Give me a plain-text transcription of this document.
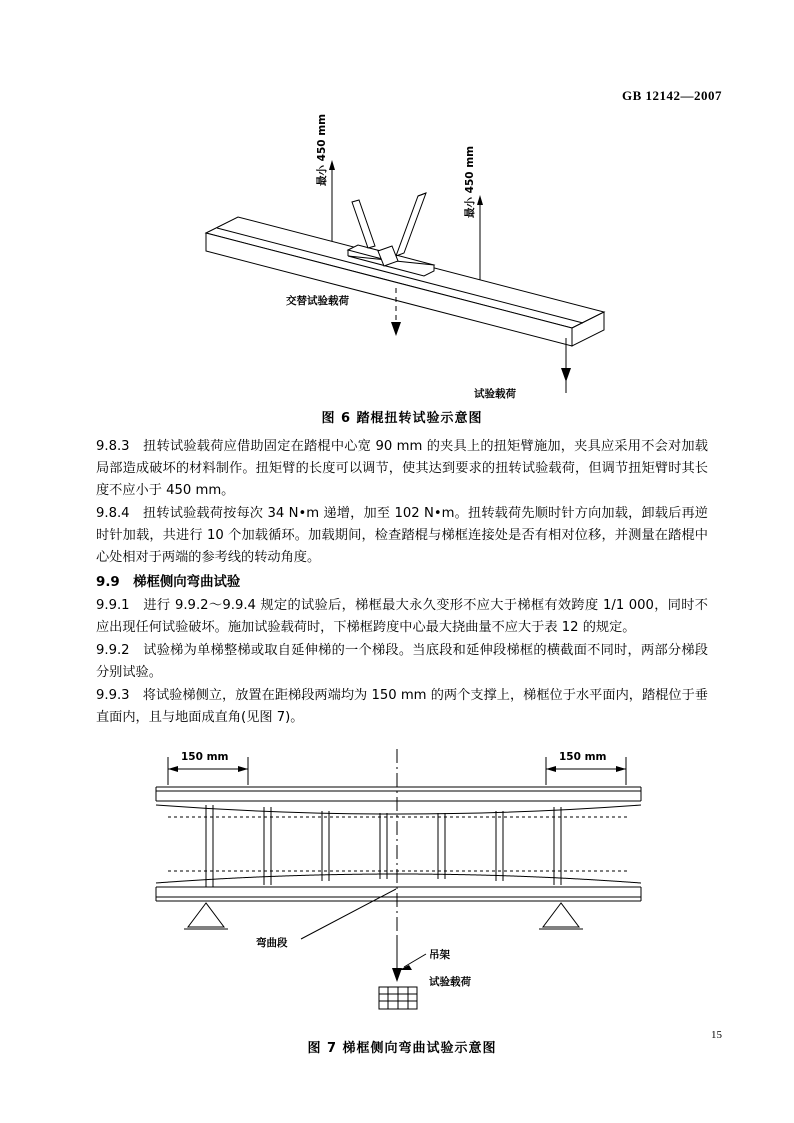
GB 12142—2007
最小 450 mm	最小 450 mm
交替试验载荷
试验载荷
图 6 踏棍扭转试验示意图

9.8.3　扭转试验载荷应借助固定在踏棍中心宽 90 mm 的夹具上的扭矩臂施加，夹具应采用不会对加载局部造成破坏的材料制作。扭矩臂的长度可以调节，使其达到要求的扭转试验载荷，但调节扭矩臂时其长度不应小于 450 mm。

9.8.4　扭转试验载荷按每次 34 N•m 递增，加至 102 N•m。扭转载荷先顺时针方向加载，卸载后再逆时针加载，共进行 10 个加载循环。加载期间，检查踏棍与梯框连接处是否有相对位移，并测量在踏棍中心处相对于两端的参考线的转动角度。

9.9　梯框侧向弯曲试验

9.9.1　进行 9.9.2～9.9.4 规定的试验后，梯框最大永久变形不应大于梯框有效跨度 1/1 000，同时不应出现任何试验破坏。施加试验载荷时，下梯框跨度中心最大挠曲量不应大于表 12 的规定。

9.9.2　试验梯为单梯整梯或取自延伸梯的一个梯段。当底段和延伸段梯框的横截面不同时，两部分梯段分别试验。

9.9.3　将试验梯侧立，放置在距梯段两端均为 150 mm 的两个支撑上，梯框位于水平面内，踏棍位于垂直面内，且与地面成直角(见图 7)。

150 mm	150 mm
弯曲段
吊架
试验载荷
图 7 梯框侧向弯曲试验示意图
15
